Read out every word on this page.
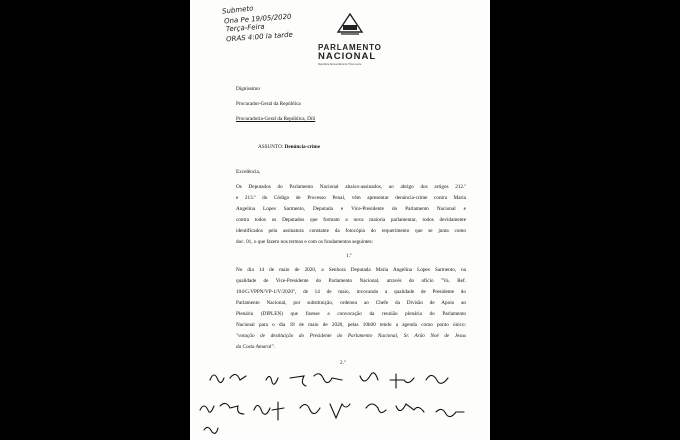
Submeto
Ona Pe 19/05/2020
Terça-Feira
ORAS 4:00 la tarde
PARLAMENTO
NACIONAL
República Democrática de Timor-Leste
Digníssimo
Procurador-Geral da República
Procuradoria-Geral da República, Díli
ASSUNTO: Denúncia-crime
Excelência,
Os Deputados do Parlamento Nacional abaixo-assinados, ao abrigo dos artigos 212.º
e 213.º do Código de Processo Penal, vêm apresentar denúncia-crime contra Maria
Angelina Lopes Sarmento, Deputada e Vice-Presidente do Parlamento Nacional e
contra todos os Deputados que formam a nova maioria parlamentar, todos devidamente
identificados pela assinatura constante da fotocópia do requerimento que se junta como
doc. 01, o que fazem nos termos e com os fundamentos seguintes:
1.º
No dia 14 de maio de 2020, a Senhora Deputada Maria Angelina Lopes Sarmento, na
qualidade de Vice-Presidente do Parlamento Nacional, através do ofício "Va. Ref.
104/G.VPPN/VP-1/V/2020", de 14 de maio, invocando a qualidade de Presidente do
Parlamento Nacional, por substituição, ordenou ao Chefe da Divisão de Apoio ao
Plenário (DIPLEN) que fizesse a convocação da reunião plenária do Parlamento
Nacional para o dia 18 de maio de 2020, pelas 10h00 tendo a agenda como ponto único:
"votação de destituição do Presidente do Parlamento Nacional, Sr. Arão Noé de Jesus
da Costa Amaral".
2.º
